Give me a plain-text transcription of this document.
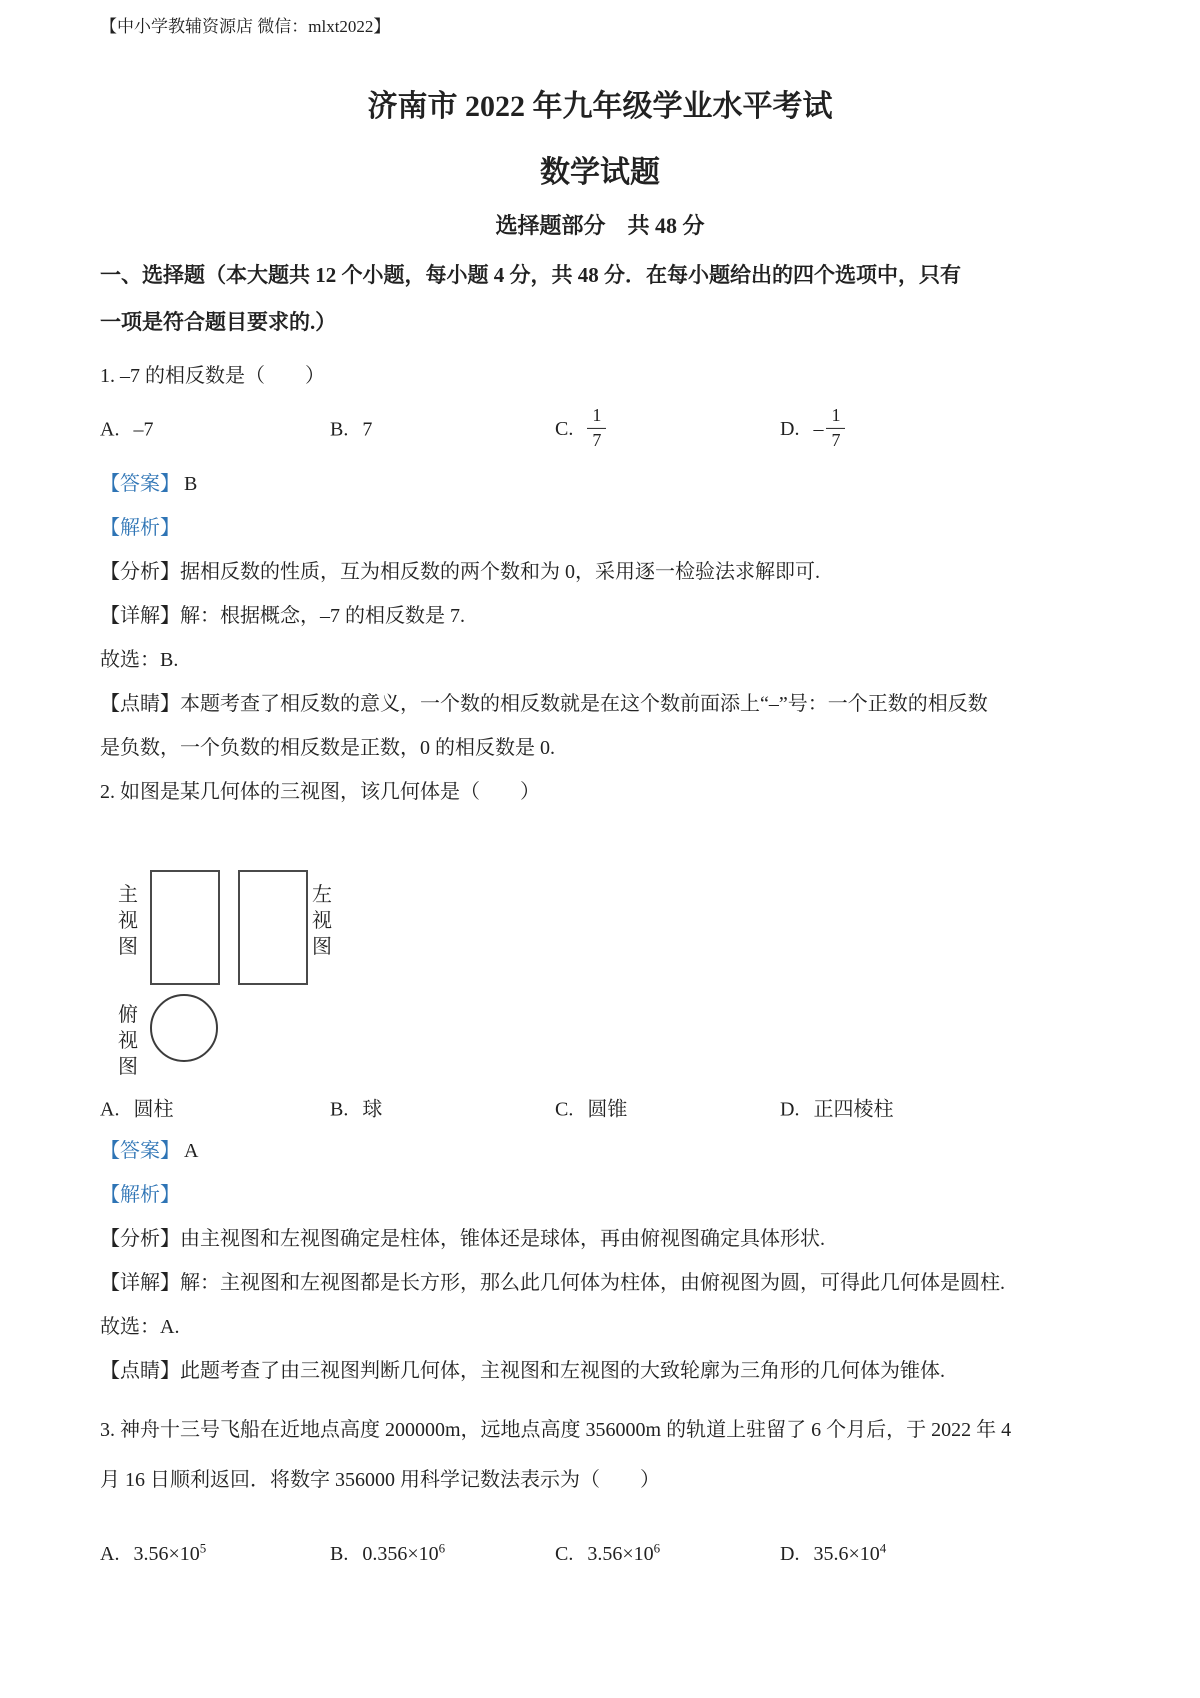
【中小学教辅资源店 微信：mlxt2022】
济南市 2022 年九年级学业水平考试
数学试题
选择题部分　共 48 分
一、选择题（本大题共 12 个小题，每小题 4 分，共 48 分．在每小题给出的四个选项中，只有
一项是符合题目要求的.）
1. –7 的相反数是（　　）
A. –7	B. 7	C. $\frac{1}{7}$	D. – $\frac{1}{7}$
【答案】 B
【解析】
【分析】据相反数的性质，互为相反数的两个数和为 0，采用逐一检验法求解即可.
【详解】解：根据概念，–7 的相反数是 7.
故选：B.
【点睛】本题考查了相反数的意义，一个数的相反数就是在这个数前面添上“–”号：一个正数的相反数
是负数，一个负数的相反数是正数，0 的相反数是 0.
2. 如图是某几何体的三视图，该几何体是（　　）
主视图
左视图
俯视图
A. 圆柱	B. 球	C. 圆锥	D. 正四棱柱
【答案】 A
【解析】
【分析】由主视图和左视图确定是柱体，锥体还是球体，再由俯视图确定具体形状.
【详解】解：主视图和左视图都是长方形，那么此几何体为柱体，由俯视图为圆，可得此几何体是圆柱.
故选：A.
【点睛】此题考查了由三视图判断几何体，主视图和左视图的大致轮廓为三角形的几何体为锥体.
3. 神舟十三号飞船在近地点高度 200000m，远地点高度 356000m 的轨道上驻留了 6 个月后，于 2022 年 4
月 16 日顺利返回．将数字 356000 用科学记数法表示为（　　）
A. $3.56\times 10^5$	B. $0.356\times 10^6$	C. $3.56\times 10^6$	D. $35.6\times 10^4$
